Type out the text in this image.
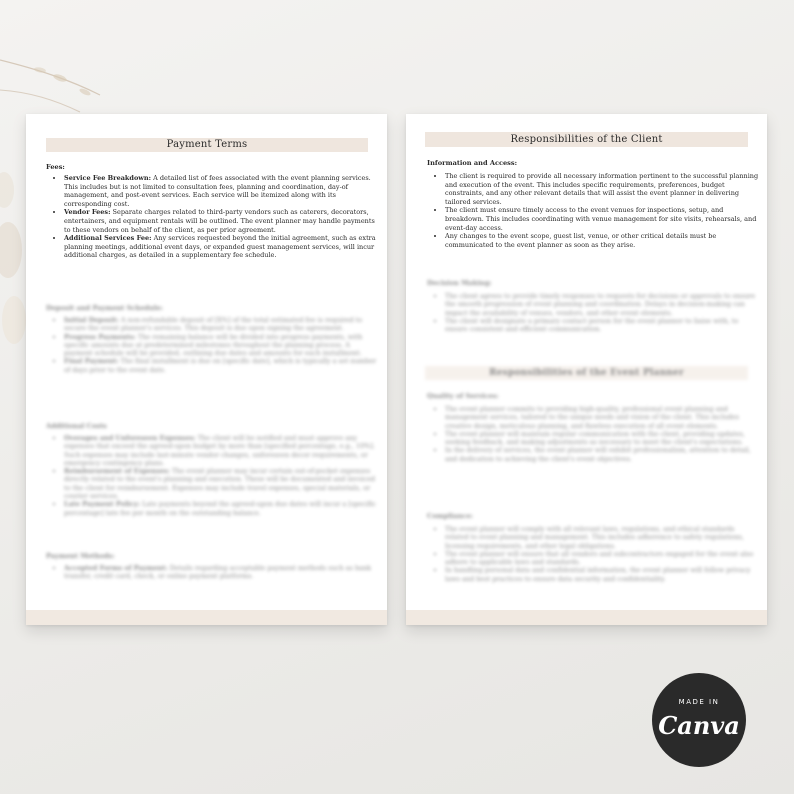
Payment Terms
Fees:
• Service Fee Breakdown: A detailed list of fees associated with the event planning services. This includes but is not limited to consultation fees, planning and coordination, day-of management, and post-event services. Each service will be itemized along with its corresponding cost.
• Vendor Fees: Separate charges related to third-party vendors such as caterers, decorators, entertainers, and equipment rentals will be outlined. The event planner may handle payments to these vendors on behalf of the client, as per prior agreement.
• Additional Services Fee: Any services requested beyond the initial agreement, such as extra planning meetings, additional event days, or expanded guest management services, will incur additional charges, as detailed in a supplementary fee schedule.
Deposit and Payment Schedule:
• Initial Deposit: A non-refundable deposit of [X%] of the total estimated fee is required to secure the event planner's services. This deposit is due upon signing the agreement.
• Progress Payments: The remaining balance will be divided into progress payments, with specific amounts due at predetermined milestones throughout the planning process. A payment schedule will be provided, outlining due dates and amounts for each installment.
• Final Payment: The final installment is due on [specific date], which is typically a set number of days prior to the event date.
Additional Costs
• Overages and Unforeseen Expenses: The client will be notified and must approve any expenses that exceed the agreed-upon budget by more than [specified percentage, e.g., 10%]. Such expenses may include last-minute vendor changes, unforeseen decor requirements, or emergency contingency plans.
• Reimbursement of Expenses: The event planner may incur certain out-of-pocket expenses directly related to the event's planning and execution. These will be documented and invoiced to the client for reimbursement. Expenses may include travel expenses, special materials, or courier services.
• Late Payment Policy: Late payments beyond the agreed-upon due dates will incur a [specific percentage] late fee per month on the outstanding balance.
Payment Methods:
• Accepted Forms of Payment: Details regarding acceptable payment methods such as bank transfer, credit card, check, or online payment platforms.
Responsibilities of the Client
Information and Access:
• The client is required to provide all necessary information pertinent to the successful planning and execution of the event. This includes specific requirements, preferences, budget constraints, and any other relevant details that will assist the event planner in delivering tailored services.
• The client must ensure timely access to the event venues for inspections, setup, and breakdown. This includes coordinating with venue management for site visits, rehearsals, and event-day access.
• Any changes to the event scope, guest list, venue, or other critical details must be communicated to the event planner as soon as they arise.
Decision Making:
• The client agrees to provide timely responses to requests for decisions or approvals to ensure the smooth progression of event planning and coordination. Delays in decision-making can impact the availability of venues, vendors, and other event elements.
• The client will designate a primary contact person for the event planner to liaise with, to ensure consistent and efficient communication.
Responsibilities of the Event Planner
Quality of Services:
• The event planner commits to providing high-quality, professional event planning and management services, tailored to the unique needs and vision of the client. This includes creative design, meticulous planning, and flawless execution of all event elements.
• The event planner will maintain regular communication with the client, providing updates, seeking feedback, and making adjustments as necessary to meet the client's expectations.
• In the delivery of services, the event planner will exhibit professionalism, attention to detail, and dedication to achieving the client's event objectives.
Compliance:
• The event planner will comply with all relevant laws, regulations, and ethical standards related to event planning and management. This includes adherence to safety regulations, licensing requirements, and other legal obligations.
• The event planner will ensure that all vendors and subcontractors engaged for the event also adhere to applicable laws and standards.
• In handling personal data and confidential information, the event planner will follow privacy laws and best practices to ensure data security and confidentiality.
MADE IN
Canva
